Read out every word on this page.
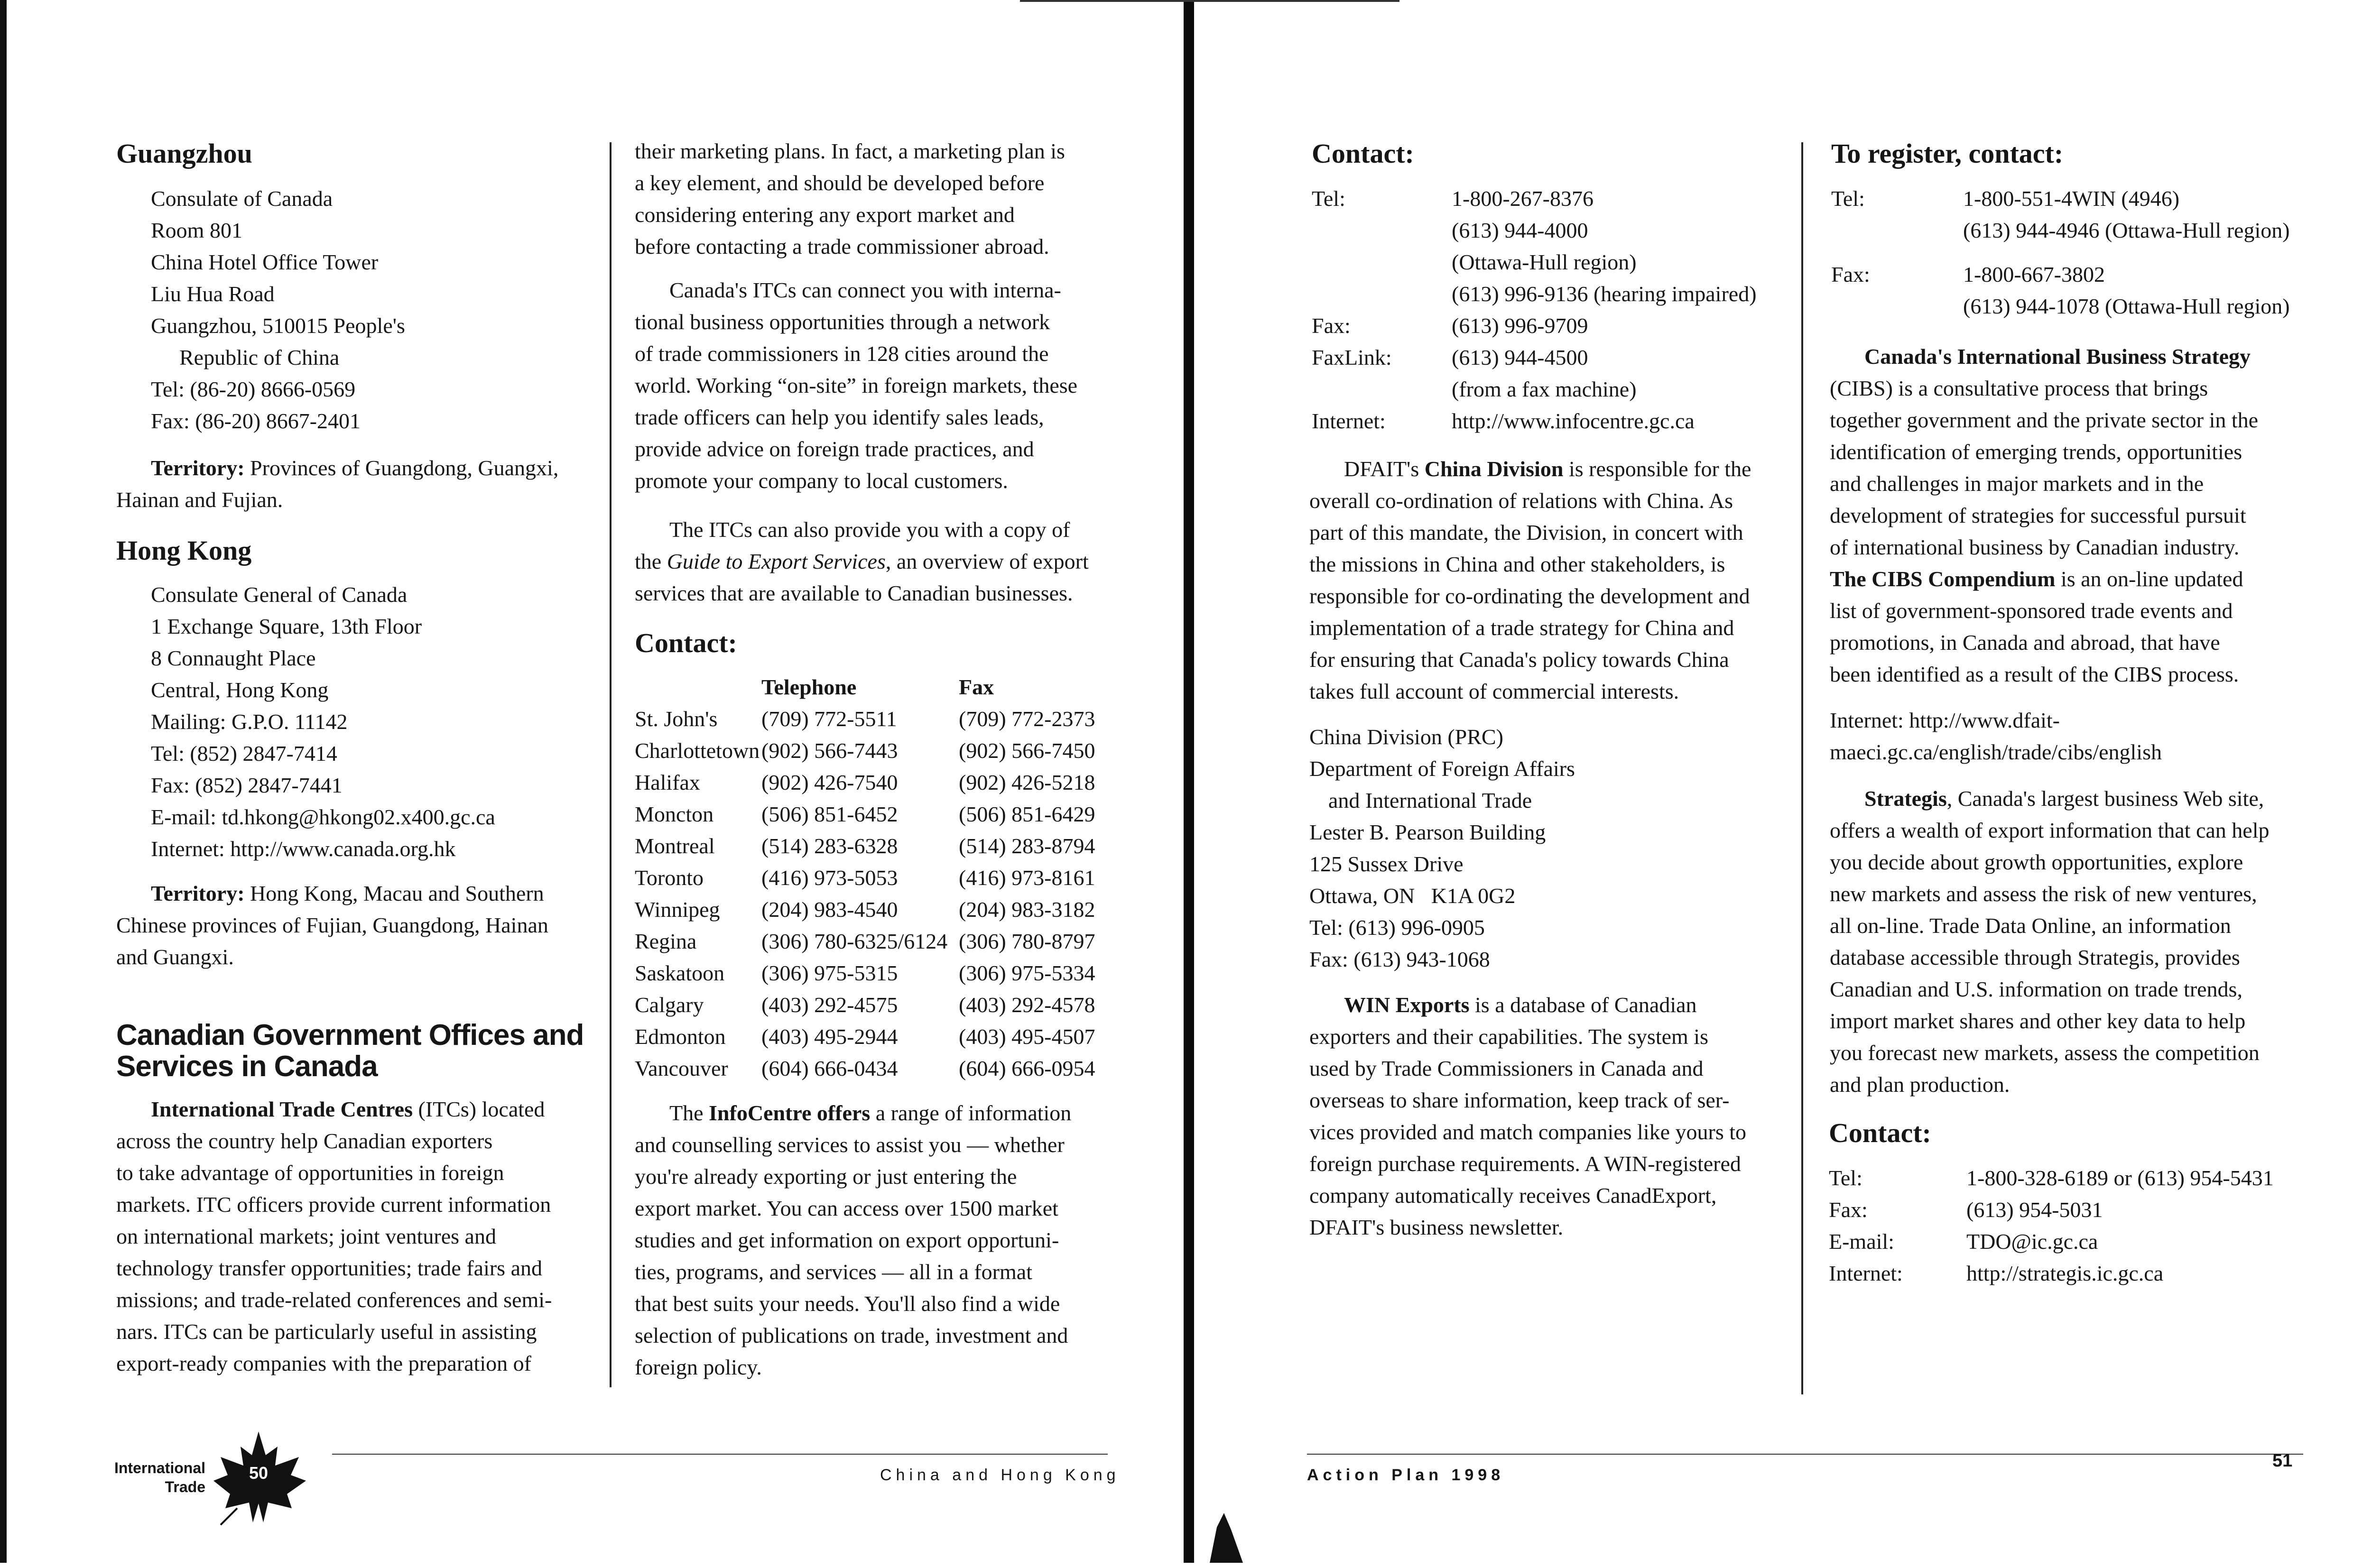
Guangzhou
Consulate of Canada
Room 801
China Hotel Office Tower
Liu Hua Road
Guangzhou, 510015 People's
Republic of China
Tel: (86-20) 8666-0569
Fax: (86-20) 8667-2401
Territory: Provinces of Guangdong, Guangxi,
Hainan and Fujian.
Hong Kong
Consulate General of Canada
1 Exchange Square, 13th Floor
8 Connaught Place
Central, Hong Kong
Mailing: G.P.O. 11142
Tel: (852) 2847-7414
Fax: (852) 2847-7441
E-mail: td.hkong@hkong02.x400.gc.ca
Internet: http://www.canada.org.hk
Territory: Hong Kong, Macau and Southern
Chinese provinces of Fujian, Guangdong, Hainan
and Guangxi.
Canadian Government Offices and
Services in Canada
International Trade Centres (ITCs) located
across the country help Canadian exporters
to take advantage of opportunities in foreign
markets. ITC officers provide current information
on international markets; joint ventures and
technology transfer opportunities; trade fairs and
missions; and trade-related conferences and semi-
nars. ITCs can be particularly useful in assisting
export-ready companies with the preparation of
their marketing plans. In fact, a marketing plan is
a key element, and should be developed before
considering entering any export market and
before contacting a trade commissioner abroad.
Canada's ITCs can connect you with interna-
tional business opportunities through a network
of trade commissioners in 128 cities around the
world. Working “on-site” in foreign markets, these
trade officers can help you identify sales leads,
provide advice on foreign trade practices, and
promote your company to local customers.
The ITCs can also provide you with a copy of
the Guide to Export Services, an overview of export
services that are available to Canadian businesses.
Contact:
Telephone	Fax
St. John's (709) 772-5511	(709) 772-2373
Charlottetown (902) 566-7443	(902) 566-7450
Halifax	(902) 426-7540	(902) 426-5218
Moncton (506) 851-6452	(506) 851-6429
Montreal (514) 283-6328	(514) 283-8794
Toronto	(416) 973-5053	(416) 973-8161
Winnipeg (204) 983-4540	(204) 983-3182
Regina	(306) 780-6325/6124 (306) 780-8797
Saskatoon (306) 975-5315	(306) 975-5334
Calgary	(403) 292-4575	(403) 292-4578
Edmonton (403) 495-2944	(403) 495-4507
Vancouver (604) 666-0434	(604) 666-0954
The InfoCentre offers a range of information
and counselling services to assist you — whether
you're already exporting or just entering the
export market. You can access over 1500 market
studies and get information on export opportuni-
ties, programs, and services — all in a format
that best suits your needs. You'll also find a wide
selection of publications on trade, investment and
foreign policy.
International
Trade
50	China and Hong Kong
Contact:
Tel:	1-800-267-8376
(613) 944-4000
(Ottawa-Hull region)
(613) 996-9136 (hearing impaired)
Fax:	(613) 996-9709
FaxLink:	(613) 944-4500
(from a fax machine)
Internet:	http://www.infocentre.gc.ca
DFAIT's China Division is responsible for the
overall co-ordination of relations with China. As
part of this mandate, the Division, in concert with
the missions in China and other stakeholders, is
responsible for co-ordinating the development and
implementation of a trade strategy for China and
for ensuring that Canada's policy towards China
takes full account of commercial interests.
China Division (PRC)
Department of Foreign Affairs
and International Trade
Lester B. Pearson Building
125 Sussex Drive
Ottawa, ON   K1A 0G2
Tel: (613) 996-0905
Fax: (613) 943-1068
WIN Exports is a database of Canadian
exporters and their capabilities. The system is
used by Trade Commissioners in Canada and
overseas to share information, keep track of ser-
vices provided and match companies like yours to
foreign purchase requirements. A WIN-registered
company automatically receives CanadExport,
DFAIT's business newsletter.
To register, contact:
Tel:	1-800-551-4WIN (4946)
(613) 944-4946 (Ottawa-Hull region)
Fax:	1-800-667-3802
(613) 944-1078 (Ottawa-Hull region)
Canada's International Business Strategy
(CIBS) is a consultative process that brings
together government and the private sector in the
identification of emerging trends, opportunities
and challenges in major markets and in the
development of strategies for successful pursuit
of international business by Canadian industry.
The CIBS Compendium is an on-line updated
list of government-sponsored trade events and
promotions, in Canada and abroad, that have
been identified as a result of the CIBS process.
Internet: http://www.dfait-
maeci.gc.ca/english/trade/cibs/english
Strategis, Canada's largest business Web site,
offers a wealth of export information that can help
you decide about growth opportunities, explore
new markets and assess the risk of new ventures,
all on-line. Trade Data Online, an information
database accessible through Strategis, provides
Canadian and U.S. information on trade trends,
import market shares and other key data to help
you forecast new markets, assess the competition
and plan production.
Contact:
Tel:	1-800-328-6189 or (613) 954-5431
Fax:	(613) 954-5031
E-mail:	TDO@ic.gc.ca
Internet:	http://strategis.ic.gc.ca
Action Plan 1998
51
